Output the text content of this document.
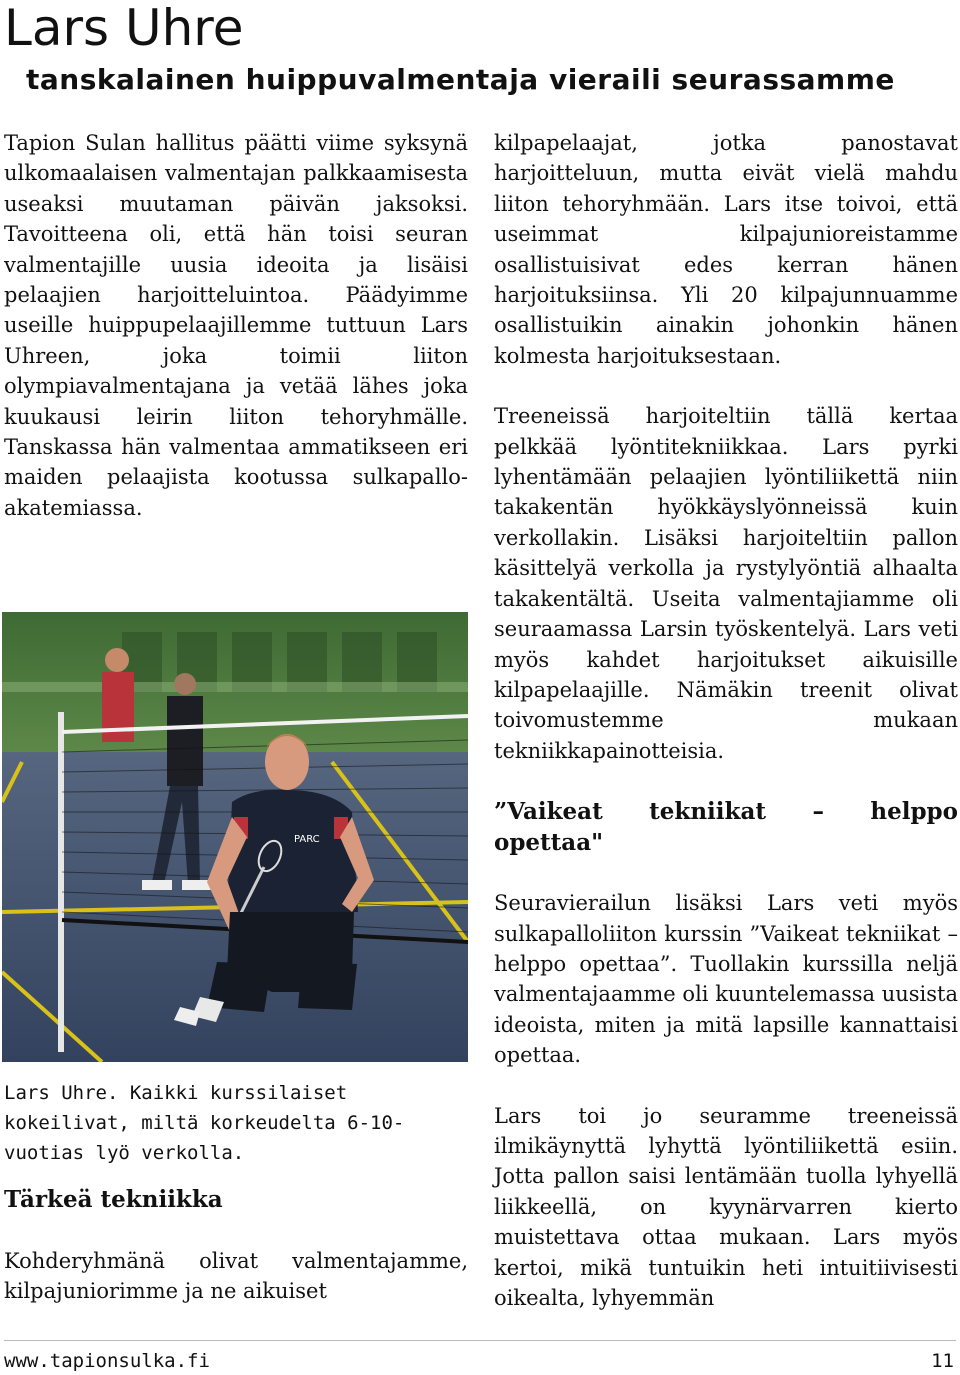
Lars Uhre
tanskalainen huippuvalmentaja vieraili seurassamme

Tapion Sulan hallitus päätti viime syksynä ulkomaalaisen valmentajan palkkaamisesta useaksi muutaman päivän jaksoksi. Tavoitteena oli, että hän toisi seuran valmentajille uusia ideoita ja lisäisi pelaajien harjoitteluintoa. Päädyimme useille huippupelaajillemme tuttuun Lars Uhreen, joka toimii liiton olympiavalmentajana ja vetää lähes joka kuukausi leirin liiton tehoryhmälle. Tanskassa hän valmentaa ammatikseen eri maiden pelaajista kootussa sulkapallo-akatemiassa.

PARC

Lars Uhre. Kaikki kurssilaiset kokeilivat, miltä korkeudelta 6-10-vuotias lyö verkolla.

Tärkeä tekniikka

Kohderyhmänä olivat valmentajamme, kilpajuniorimme ja ne aikuiset

kilpapelaajat, jotka panostavat harjoitteluun, mutta eivät vielä mahdu liiton tehoryhmään. Lars itse toivoi, että useimmat kilpajunioreistamme osallistuisivat edes kerran hänen harjoituksiinsa. Yli 20 kilpajunnuamme osallistuikin ainakin johonkin hänen kolmesta harjoituksestaan.

Treeneissä harjoiteltiin tällä kertaa pelkkää lyöntitekniikkaa. Lars pyrki lyhentämään pelaajien lyöntiliikettä niin takakentän hyökkäyslyönneissä kuin verkollakin. Lisäksi harjoiteltiin pallon käsittelyä verkolla ja rystylyöntiä alhaalta takakentältä. Useita valmentajiamme oli seuraamassa Larsin työskentelyä. Lars veti myös kahdet harjoitukset aikuisille kilpapelaajille. Nämäkin treenit olivat toivomustemme mukaan tekniikkapainotteisia.

”Vaikeat tekniikat – helppo opettaa"

Seuravierailun lisäksi Lars veti myös sulkapalloliiton kurssin ”Vaikeat tekniikat – helppo opettaa”. Tuollakin kurssilla neljä valmentajaamme oli kuuntelemassa uusista ideoista, miten ja mitä lapsille kannattaisi opettaa.

Lars toi jo seuramme treeneissä ilmikäynyttä lyhyttä lyöntiliikettä esiin. Jotta pallon saisi lentämään tuolla lyhyellä liikkeellä, on kyynärvarren kierto muistettava ottaa mukaan. Lars myös kertoi, mikä tuntuikin heti intuitiivisesti oikealta, lyhyemmän

www.tapionsulka.fi	11
